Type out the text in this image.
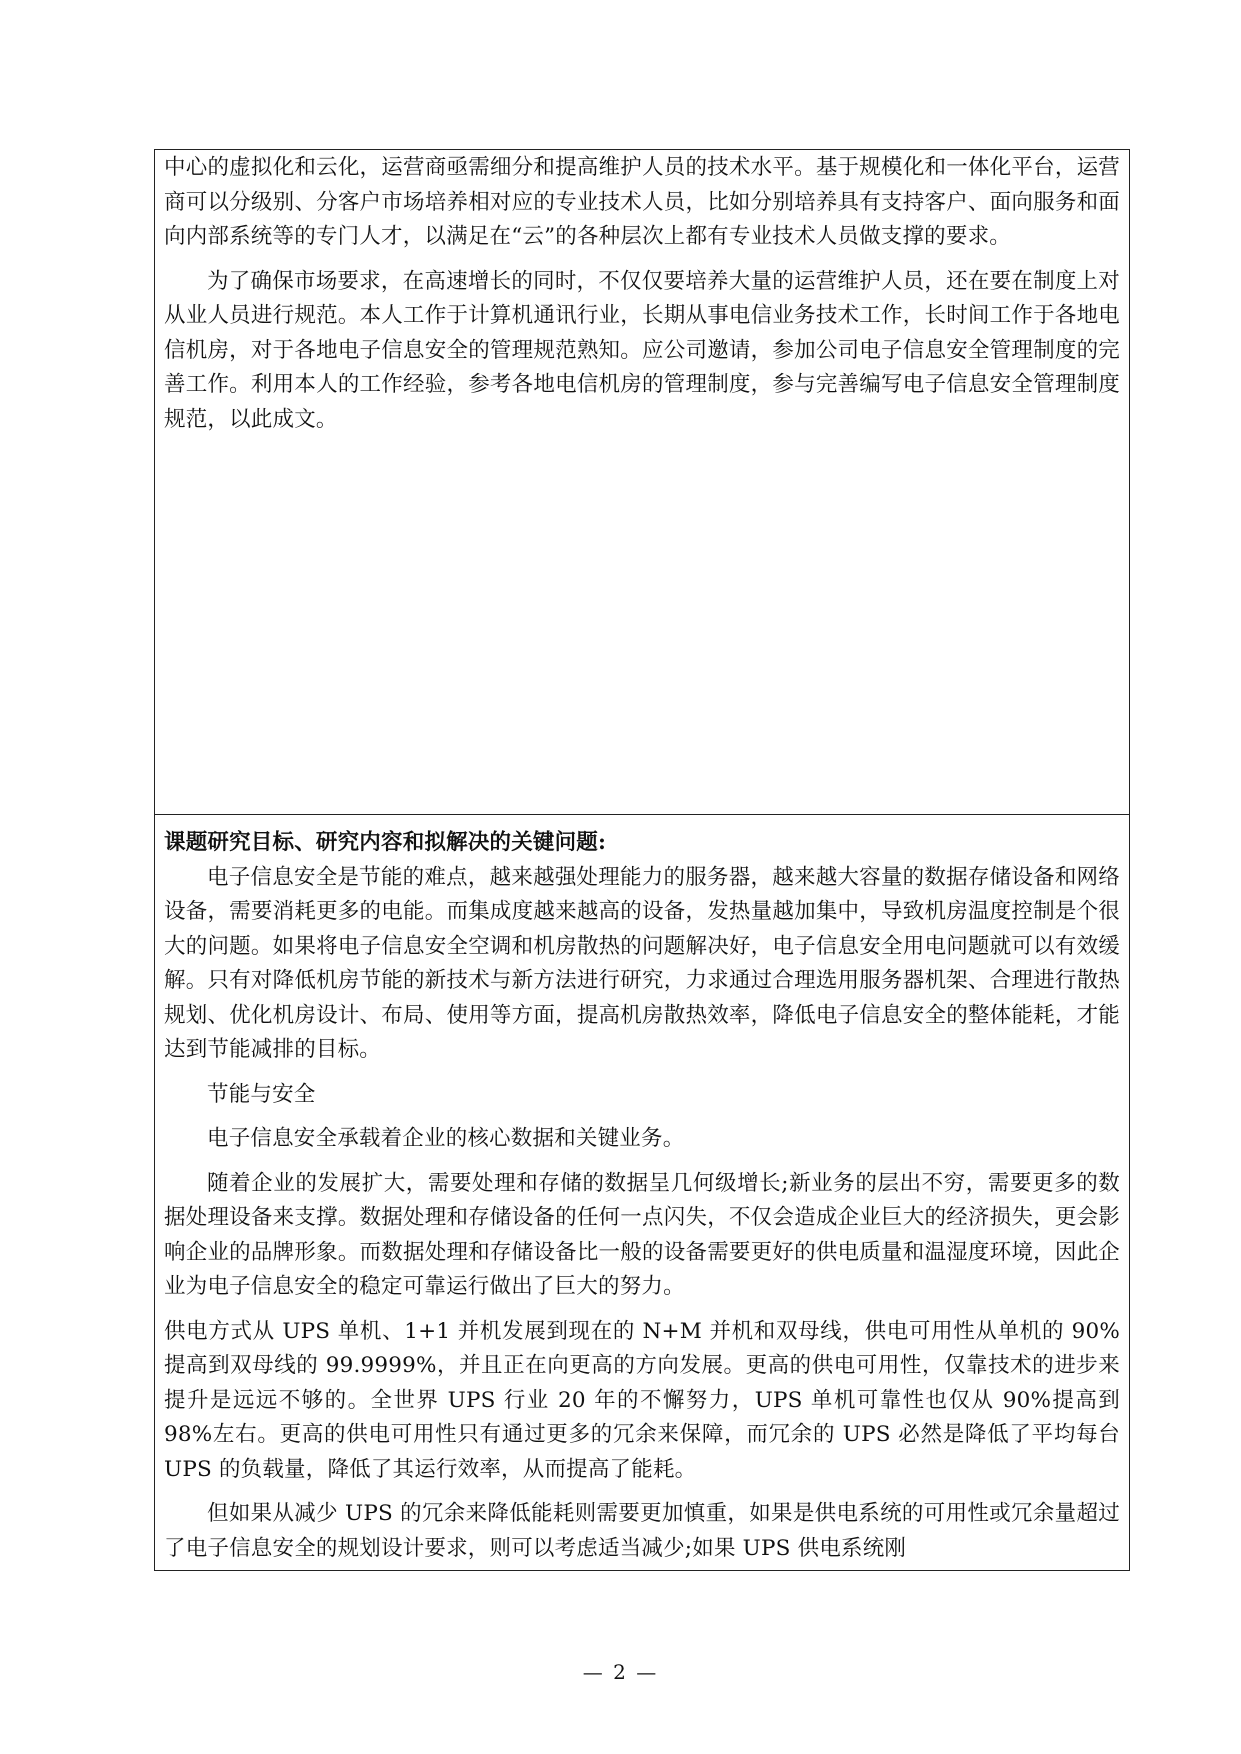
中心的虚拟化和云化，运营商亟需细分和提高维护人员的技术水平。基于规模化和一体化平台，运营商可以分级别、分客户市场培养相对应的专业技术人员，比如分别培养具有支持客户、面向服务和面向内部系统等的专门人才，以满足在“云”的各种层次上都有专业技术人员做支撑的要求。

为了确保市场要求，在高速增长的同时，不仅仅要培养大量的运营维护人员，还在要在制度上对从业人员进行规范。本人工作于计算机通讯行业，长期从事电信业务技术工作，长时间工作于各地电信机房，对于各地电子信息安全的管理规范熟知。应公司邀请，参加公司电子信息安全管理制度的完善工作。利用本人的工作经验，参考各地电信机房的管理制度，参与完善编写电子信息安全管理制度规范，以此成文。

课题研究目标、研究内容和拟解决的关键问题:

电子信息安全是节能的难点，越来越强处理能力的服务器，越来越大容量的数据存储设备和网络设备，需要消耗更多的电能。而集成度越来越高的设备，发热量越加集中，导致机房温度控制是个很大的问题。如果将电子信息安全空调和机房散热的问题解决好，电子信息安全用电问题就可以有效缓解。只有对降低机房节能的新技术与新方法进行研究，力求通过合理选用服务器机架、合理进行散热规划、优化机房设计、布局、使用等方面，提高机房散热效率，降低电子信息安全的整体能耗，才能达到节能减排的目标。

节能与安全

电子信息安全承载着企业的核心数据和关键业务。

随着企业的发展扩大，需要处理和存储的数据呈几何级增长;新业务的层出不穷，需要更多的数据处理设备来支撑。数据处理和存储设备的任何一点闪失，不仅会造成企业巨大的经济损失，更会影响企业的品牌形象。而数据处理和存储设备比一般的设备需要更好的供电质量和温湿度环境，因此企业为电子信息安全的稳定可靠运行做出了巨大的努力。

供电方式从 UPS 单机、1+1 并机发展到现在的 N+M 并机和双母线，供电可用性从单机的 90%提高到双母线的 99.9999%，并且正在向更高的方向发展。更高的供电可用性，仅靠技术的进步来提升是远远不够的。全世界 UPS 行业 20 年的不懈努力，UPS 单机可靠性也仅从 90%提高到 98%左右。更高的供电可用性只有通过更多的冗余来保障，而冗余的 UPS 必然是降低了平均每台 UPS 的负载量，降低了其运行效率，从而提高了能耗。

但如果从减少 UPS 的冗余来降低能耗则需要更加慎重，如果是供电系统的可用性或冗余量超过了电子信息安全的规划设计要求，则可以考虑适当减少;如果 UPS 供电系统刚

— 2 —
